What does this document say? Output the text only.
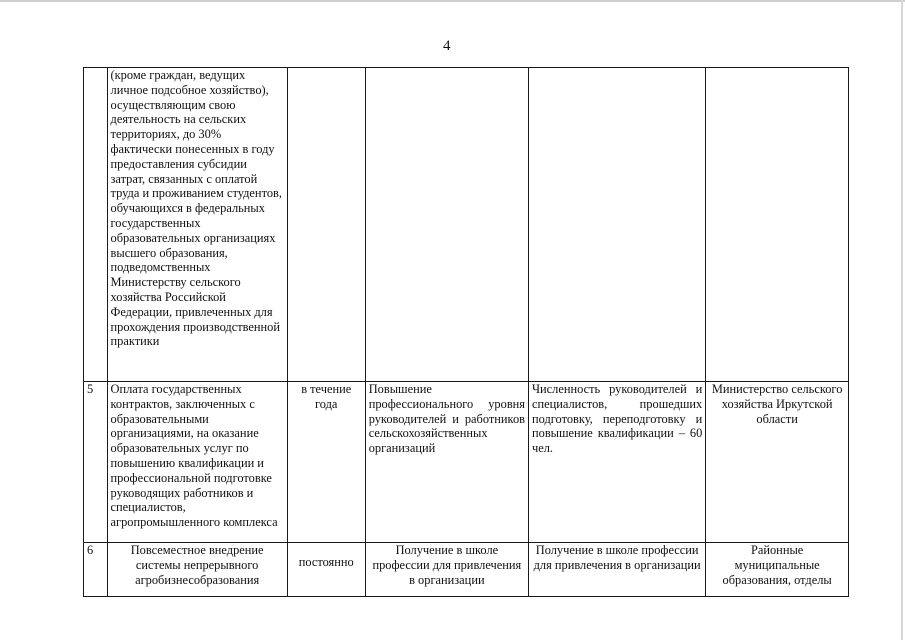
4
	(кроме граждан, ведущих личное подсобное хозяйство), осуществляющим свою деятельность на сельских территориях, до 30% фактически понесенных в году предоставления субсидии затрат, связанных с оплатой труда и проживанием студентов, обучающихся в федеральных государственных образовательных организациях высшего образования, подведомственных Министерству сельского хозяйства Российской Федерации, привлеченных для прохождения производственной практики				
5	Оплата государственных контрактов, заключенных с образовательными организациями, на оказание образовательных услуг по повышению квалификации и профессиональной подготовке руководящих работников и специалистов, агропромышленного комплекса	в течение года	Повышение профессионального уровня руководителей и работников сельскохозяйственных организаций	Численность руководителей и специалистов, прошедших подготовку, переподготовку и повышение квалификации – 60 чел.	Министерство сельского хозяйства Иркутской области
6	Повсеместное внедрение системы непрерывного агробизнесобразования	постоянно	Получение в школе профессии для привлечения в организации	Получение в школе профессии для привлечения в организации	Районные муниципальные образования, отделы
